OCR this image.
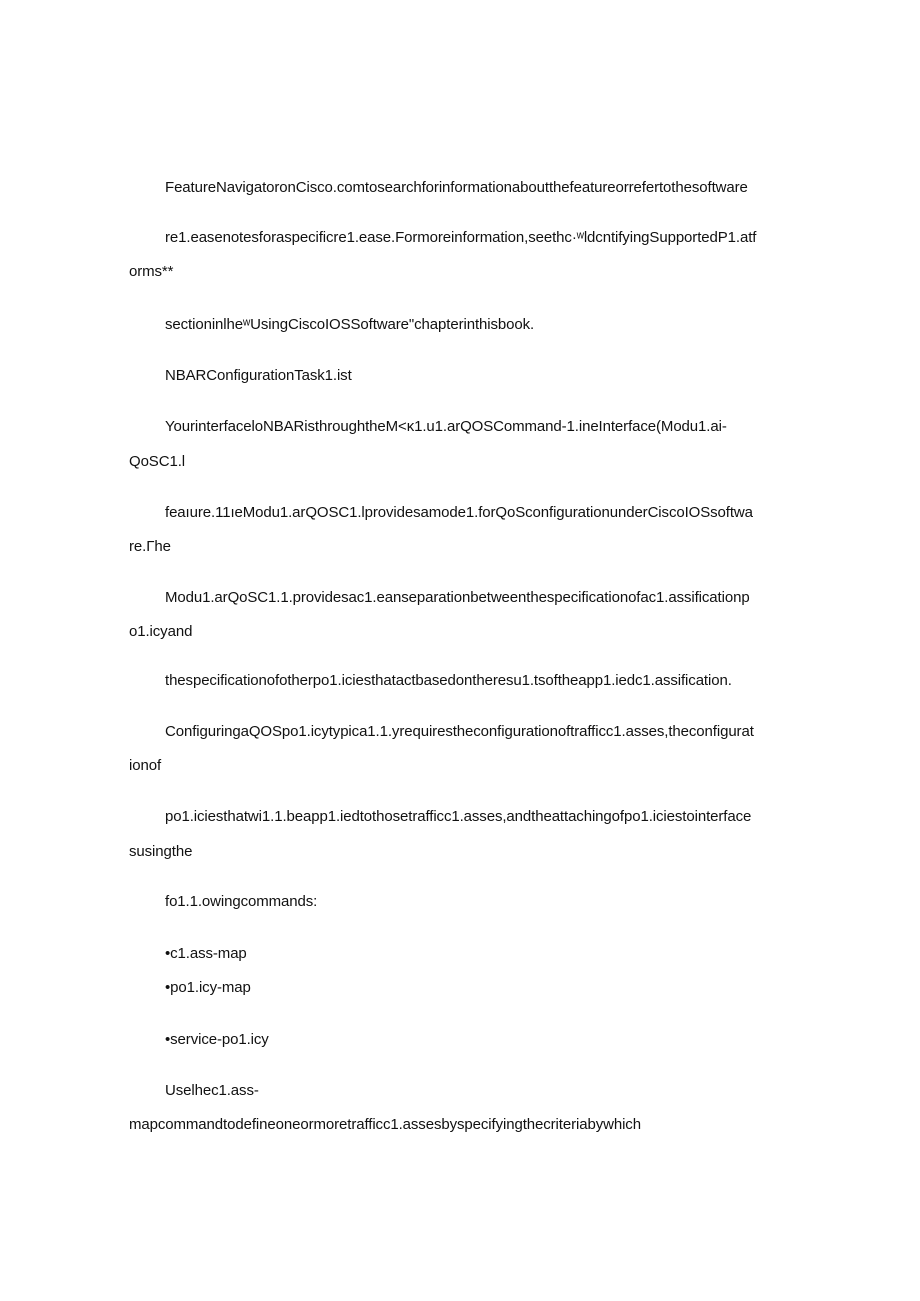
FeatureNavigatoronCisco.comtosearchforinformationaboutthefeatureorrefertothesoftware
re1.easenotesforaspecificre1.ease.Formoreinformation,seethc·ʷldcntifyingSupportedP1.atf
orms**
sectioninlheʷUsingCiscoIOSSoftware"chapterinthisbook.
NBARConfigurationTask1.ist
YourinterfaceloNBARisthroughtheM<κ1.u1.arQOSCommand-1.ineInterface(Modu1.ai-
QoSC1.l
feaıure.11ıeModu1.arQOSC1.lprovidesamode1.forQoSconfigurationunderCiscoIOSsoftwa
re.Γhe
Modu1.arQoSC1.1.providesac1.eanseparationbetweenthespecificationofac1.assificationp
o1.icyand
thespecificationofotherpo1.iciesthatactbasedontheresu1.tsoftheapp1.iedc1.assification.
ConfiguringaQOSpo1.icytypica1.1.yrequirestheconfigurationoftrafficc1.asses,theconfigurat
ionof
po1.iciesthatwi1.1.beapp1.iedtothosetrafficc1.asses,andtheattachingofpo1.iciestointerface
susingthe
fo1.1.owingcommands:
•c1.ass-map
•po1.icy-map
•service-po1.icy
Uselhec1.ass-
mapcommandtodefineoneormoretrafficc1.assesbyspecifyingthecriteriabywhich
